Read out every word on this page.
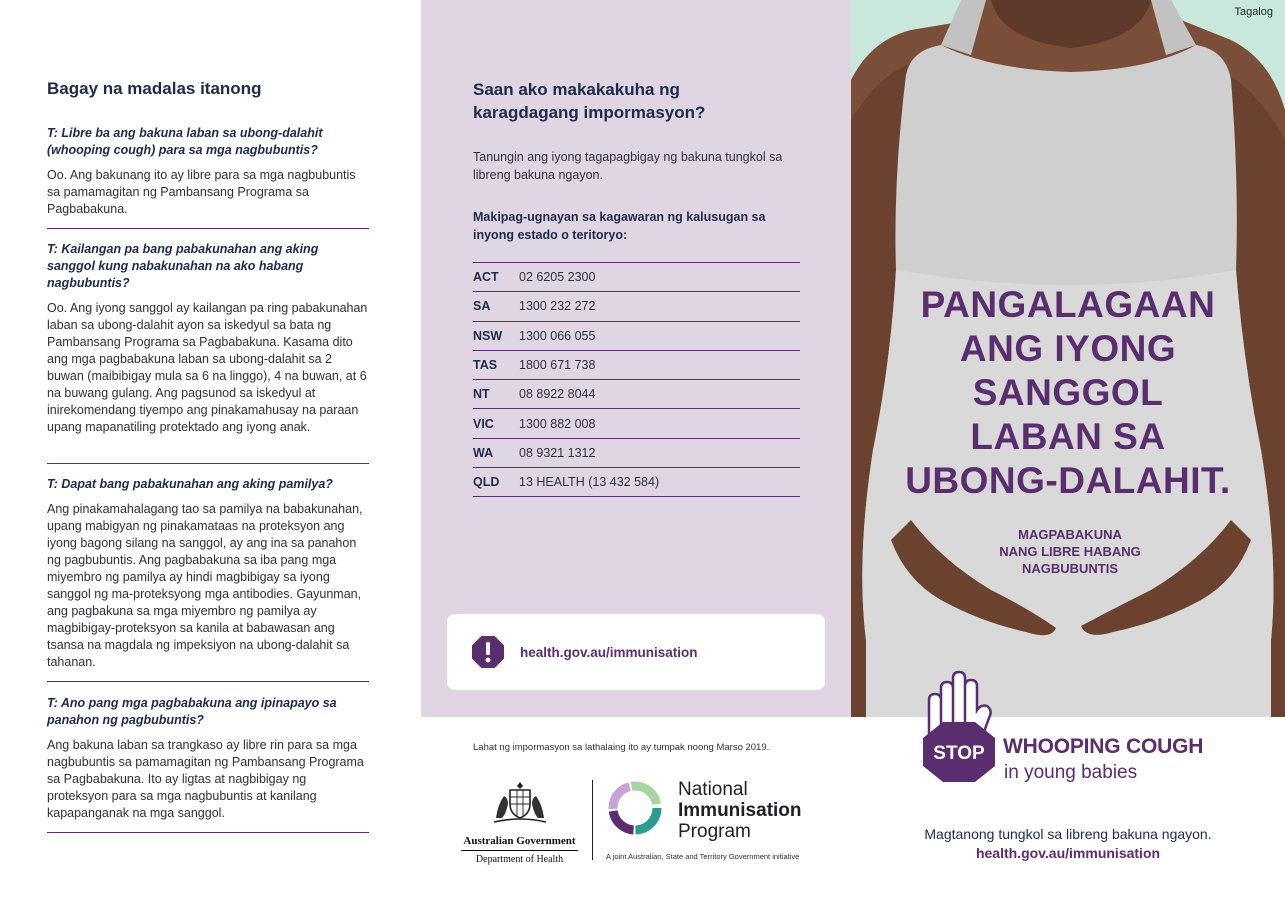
Bagay na madalas itanong
T: Libre ba ang bakuna laban sa ubong-dalahit (whooping cough) para sa mga nagbubuntis?
Oo. Ang bakunang ito ay libre para sa mga nagbubuntis sa pamamagitan ng Pambansang Programa sa Pagbabakuna.
T: Kailangan pa bang pabakunahan ang aking sanggol kung nabakunahan na ako habang nagbubuntis?
Oo. Ang iyong sanggol ay kailangan pa ring pabakunahan laban sa ubong-dalahit ayon sa iskedyul sa bata ng Pambansang Programa sa Pagbabakuna. Kasama dito ang mga pagbabakuna laban sa ubong-dalahit sa 2 buwan (maibibigay mula sa 6 na linggo), 4 na buwan, at 6 na buwang gulang. Ang pagsunod sa iskedyul at inirekomendang tiyempo ang pinakamahusay na paraan upang mapanatiling protektado ang iyong anak.
T: Dapat bang pabakunahan ang aking pamilya?
Ang pinakamahalagang tao sa pamilya na babakunahan, upang mabigyan ng pinakamataas na proteksyon ang iyong bagong silang na sanggol, ay ang ina sa panahon ng pagbubuntis. Ang pagbabakuna sa iba pang mga miyembro ng pamilya ay hindi magbibigay sa iyong sanggol ng ma-proteksyong mga antibodies. Gayunman, ang pagbakuna sa mga miyembro ng pamilya ay magbibigay-proteksyon sa kanila at babawasan ang tsansa na magdala ng impeksiyon na ubong-dalahit sa tahanan.
T: Ano pang mga pagbabakuna ang ipinapayo sa panahon ng pagbubuntis?
Ang bakuna laban sa trangkaso ay libre rin para sa mga nagbubuntis sa pamamagitan ng Pambansang Programa sa Pagbabakuna. Ito ay ligtas at nagbibigay ng proteksyon para sa mga nagbubuntis at kanilang kapapanganak na mga sanggol.
Saan ako makakakuha ng karagdagang impormasyon?
Tanungin ang iyong tagapagbigay ng bakuna tungkol sa libreng bakuna ngayon.
Makipag-ugnayan sa kagawaran ng kalusugan sa inyong estado o teritoryo:
ACT	02 6205 2300
SA	1300 232 272
NSW	1300 066 055
TAS	1800 671 738
NT	08 8922 8044
VIC	1300 882 008
WA	08 9321 1312
QLD	13 HEALTH (13 432 584)
health.gov.au/immunisation
Lahat ng impormasyon sa lathalaing ito ay tumpak noong Marso 2019.
Australian Government
Department of Health
National
Immunisation
Program
A joint Australian, State and Territory Government initiative
Tagalog
PANGALAGAAN
ANG IYONG
SANGGOL
LABAN SA
UBONG-DALAHIT.
MAGPABAKUNA
NANG LIBRE HABANG
NAGBUBUNTIS
STOP WHOOPING COUGH
in young babies
Magtanong tungkol sa libreng bakuna ngayon.
health.gov.au/immunisation
